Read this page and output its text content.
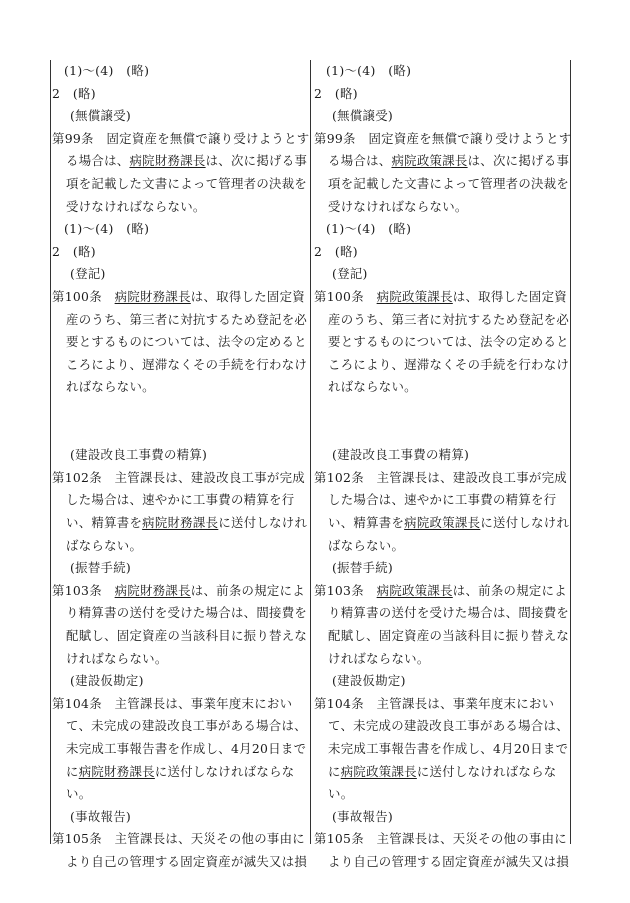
(1)～(4)　(略)
2　(略)
(無償譲受)
第99条　固定資産を無償で譲り受けようとす
る場合は、病院財務課長は、次に掲げる事
項を記載した文書によって管理者の決裁を
受けなければならない。
(1)～(4)　(略)
2　(略)
(登記)
第100条　病院財務課長は、取得した固定資
産のうち、第三者に対抗するため登記を必
要とするものについては、法令の定めると
ころにより、遅滞なくその手続を行わなけ
ればならない。
(建設改良工事費の精算)
第102条　主管課長は、建設改良工事が完成
した場合は、速やかに工事費の精算を行
い、精算書を病院財務課長に送付しなけれ
ばならない。
(振替手続)
第103条　病院財務課長は、前条の規定によ
り精算書の送付を受けた場合は、間接費を
配賦し、固定資産の当該科目に振り替えな
ければならない。
(建設仮勘定)
第104条　主管課長は、事業年度末におい
て、未完成の建設改良工事がある場合は、
未完成工事報告書を作成し、4月20日まで
に病院財務課長に送付しなければならな
い。
(事故報告)
第105条　主管課長は、天災その他の事由に
より自己の管理する固定資産が滅失又は損
(1)～(4)　(略)
2　(略)
(無償譲受)
第99条　固定資産を無償で譲り受けようとす
る場合は、病院政策課長は、次に掲げる事
項を記載した文書によって管理者の決裁を
受けなければならない。
(1)～(4)　(略)
2　(略)
(登記)
第100条　病院政策課長は、取得した固定資
産のうち、第三者に対抗するため登記を必
要とするものについては、法令の定めると
ころにより、遅滞なくその手続を行わなけ
ればならない。
(建設改良工事費の精算)
第102条　主管課長は、建設改良工事が完成
した場合は、速やかに工事費の精算を行
い、精算書を病院政策課長に送付しなけれ
ばならない。
(振替手続)
第103条　病院政策課長は、前条の規定によ
り精算書の送付を受けた場合は、間接費を
配賦し、固定資産の当該科目に振り替えな
ければならない。
(建設仮勘定)
第104条　主管課長は、事業年度末におい
て、未完成の建設改良工事がある場合は、
未完成工事報告書を作成し、4月20日まで
に病院政策課長に送付しなければならな
い。
(事故報告)
第105条　主管課長は、天災その他の事由に
より自己の管理する固定資産が滅失又は損
